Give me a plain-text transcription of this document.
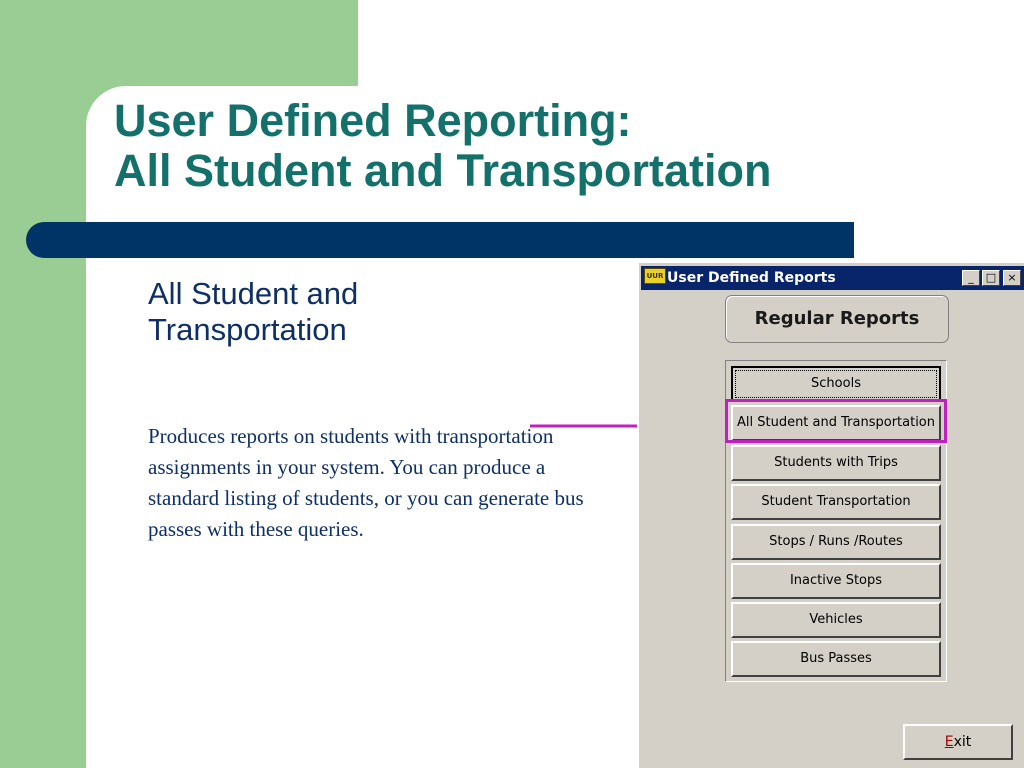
User Defined Reporting:
All Student and Transportation
All Student and Transportation
Produces reports on students with transportation assignments in your system. You can produce a standard listing of students, or you can generate bus passes with these queries.
UUR User Defined Reports	_	□	×
Regular Reports
Schools
All Student and Transportation
Students with Trips
Student Transportation
Stops / Runs /Routes
Inactive Stops
Vehicles
Bus Passes
Exit
